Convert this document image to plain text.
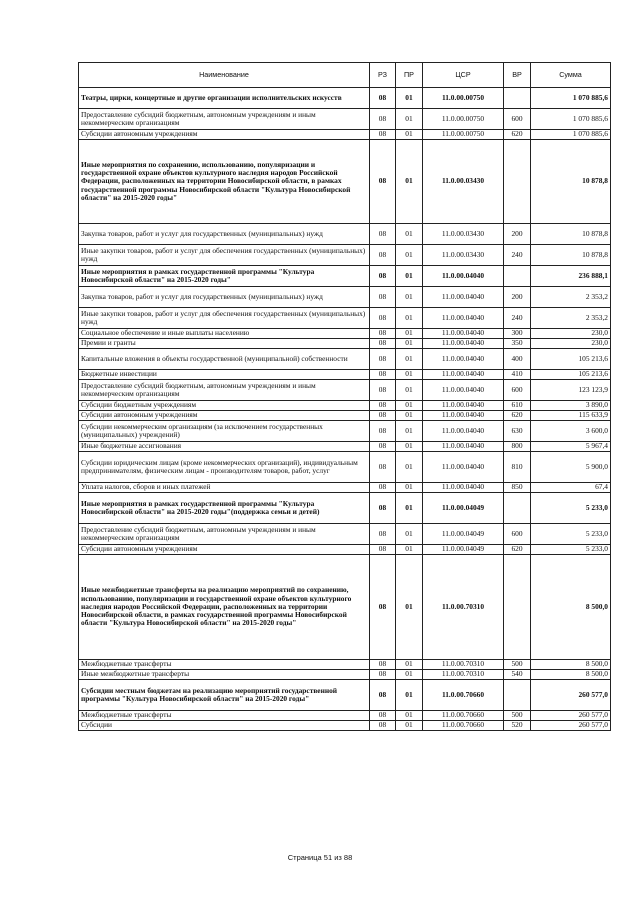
Наименование	РЗ	ПР	ЦСР	ВР	Сумма
Театры, цирки, концертные и другие организации исполнительских искусств	08	01	11.0.00.00750		1 070 885,6
Предоставление субсидий бюджетным, автономным учреждениям и иным некоммерческим организациям	08	01	11.0.00.00750	600	1 070 885,6
Субсидии автономным учреждениям	08	01	11.0.00.00750	620	1 070 885,6
Иные мероприятия по сохранению, использованию, популяризации и государственной охране объектов культурного наследия народов Российской Федерации, расположенных на территории Новосибирской области, в рамках государственной программы Новосибирской области "Культура Новосибирской области" на 2015-2020 годы"	08	01	11.0.00.03430		10 878,8
Закупка товаров, работ и услуг для государственных (муниципальных) нужд	08	01	11.0.00.03430	200	10 878,8
Иные закупки товаров, работ и услуг для обеспечения государственных (муниципальных) нужд	08	01	11.0.00.03430	240	10 878,8
Иные мероприятия в рамках государственной программы "Культура Новосибирской области" на 2015-2020 годы"	08	01	11.0.00.04040		236 888,1
Закупка товаров, работ и услуг для государственных (муниципальных) нужд	08	01	11.0.00.04040	200	2 353,2
Иные закупки товаров, работ и услуг для обеспечения государственных (муниципальных) нужд	08	01	11.0.00.04040	240	2 353,2
Социальное обеспечение и иные выплаты населению	08	01	11.0.00.04040	300	230,0
Премии и гранты	08	01	11.0.00.04040	350	230,0
Капитальные вложения в объекты государственной (муниципальной) собственности	08	01	11.0.00.04040	400	105 213,6
Бюджетные инвестиции	08	01	11.0.00.04040	410	105 213,6
Предоставление субсидий бюджетным, автономным учреждениям и иным некоммерческим организациям	08	01	11.0.00.04040	600	123 123,9
Субсидии бюджетным учреждениям	08	01	11.0.00.04040	610	3 890,0
Субсидии автономным учреждениям	08	01	11.0.00.04040	620	115 633,9
Субсидии некоммерческим организациям (за исключением государственных (муниципальных) учреждений)	08	01	11.0.00.04040	630	3 600,0
Иные бюджетные ассигнования	08	01	11.0.00.04040	800	5 967,4
Субсидии юридическим лицам (кроме некоммерческих организаций), индивидуальным предпринимателям, физическим лицам - производителям товаров, работ, услуг	08	01	11.0.00.04040	810	5 900,0
Уплата налогов, сборов и иных платежей	08	01	11.0.00.04040	850	67,4
Иные мероприятия в рамках государственной программы "Культура Новосибирской области" на 2015-2020 годы"(поддержка семьи и детей)	08	01	11.0.00.04049		5 233,0
Предоставление субсидий бюджетным, автономным учреждениям и иным некоммерческим организациям	08	01	11.0.00.04049	600	5 233,0
Субсидии автономным учреждениям	08	01	11.0.00.04049	620	5 233,0
Иные межбюджетные трансферты на реализацию мероприятий по сохранению, использованию, популяризации и государственной охране объектов культурного наследия народов Российской Федерации, расположенных на территории Новосибирской области, в рамках государственной программы Новосибирской области "Культура Новосибирской области" на 2015-2020 годы"	08	01	11.0.00.70310		8 500,0
Межбюджетные трансферты	08	01	11.0.00.70310	500	8 500,0
Иные межбюджетные трансферты	08	01	11.0.00.70310	540	8 500,0
Субсидии местным бюджетам на реализацию мероприятий государственной программы "Культура Новосибирской области" на 2015-2020 годы"	08	01	11.0.00.70660		260 577,0
Межбюджетные трансферты	08	01	11.0.00.70660	500	260 577,0
Субсидии	08	01	11.0.00.70660	520	260 577,0
Страница 51 из 88
